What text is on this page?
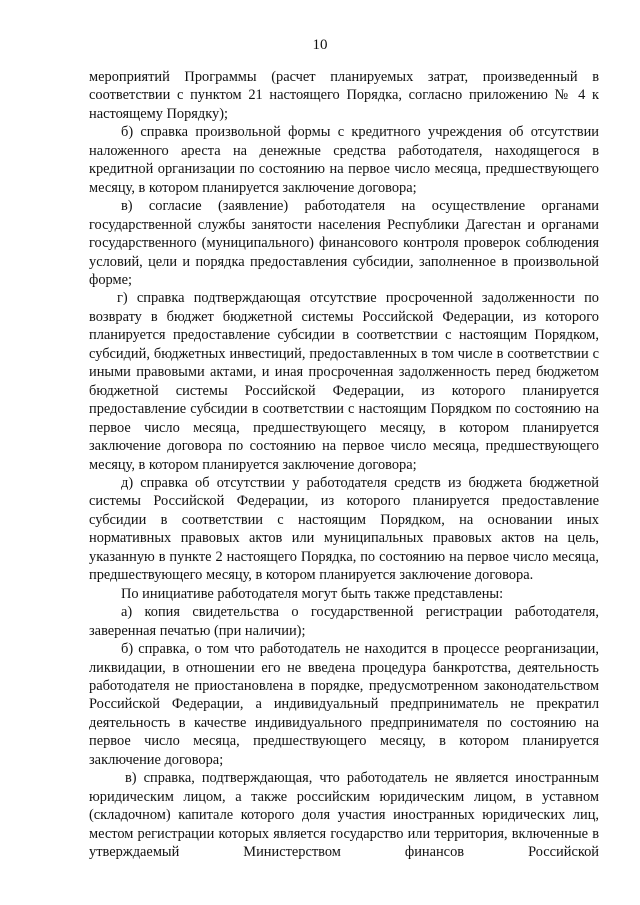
10

мероприятий Программы (расчет планируемых затрат, произведенный в соответствии с пунктом 21 настоящего Порядка, согласно приложению № 4 к настоящему Порядку);

б) справка произвольной формы с кредитного учреждения об отсутствии наложенного ареста на денежные средства работодателя, находящегося в кредитной организации по состоянию на первое число месяца, предшествующего месяцу, в котором планируется заключение договора;

в) согласие (заявление) работодателя на осуществление органами государственной службы занятости населения Республики Дагестан и органами государственного (муниципального) финансового контроля проверок соблюдения условий, цели и порядка предоставления субсидии, заполненное в произвольной форме;

г) справка подтверждающая отсутствие просроченной задолженности по возврату в бюджет бюджетной системы Российской Федерации, из которого планируется предоставление субсидии в соответствии с настоящим Порядком, субсидий, бюджетных инвестиций, предоставленных в том числе в соответствии с иными правовыми актами, и иная просроченная задолженность перед бюджетом бюджетной системы Российской Федерации, из которого планируется предоставление субсидии в соответствии с настоящим Порядком по состоянию на первое число месяца, предшествующего месяцу, в котором планируется заключение договора по состоянию на первое число месяца, предшествующего месяцу, в котором планируется заключение договора;

д) справка об отсутствии у работодателя средств из бюджета бюджетной системы Российской Федерации, из которого планируется предоставление субсидии в соответствии с настоящим Порядком, на основании иных нормативных правовых актов или муниципальных правовых актов на цель, указанную в пункте 2 настоящего Порядка, по состоянию на первое число месяца, предшествующего месяцу, в котором планируется заключение договора.

По инициативе работодателя могут быть также представлены:

а) копия свидетельства о государственной регистрации работодателя, заверенная печатью (при наличии);

б) справка, о том что работодатель не находится в процессе реорганизации, ликвидации, в отношении его не введена процедура банкротства, деятельность работодателя не приостановлена в порядке, предусмотренном законодательством Российской Федерации, а индивидуальный предприниматель не прекратил деятельность в качестве индивидуального предпринимателя по состоянию на первое число месяца, предшествующего месяцу, в котором планируется заключение договора;

в) справка, подтверждающая, что работодатель не является иностранным юридическим лицом, а также российским юридическим лицом, в уставном (складочном) капитале которого доля участия иностранных юридических лиц, местом регистрации которых является государство или территория, включенные в утверждаемый Министерством финансов Российской
